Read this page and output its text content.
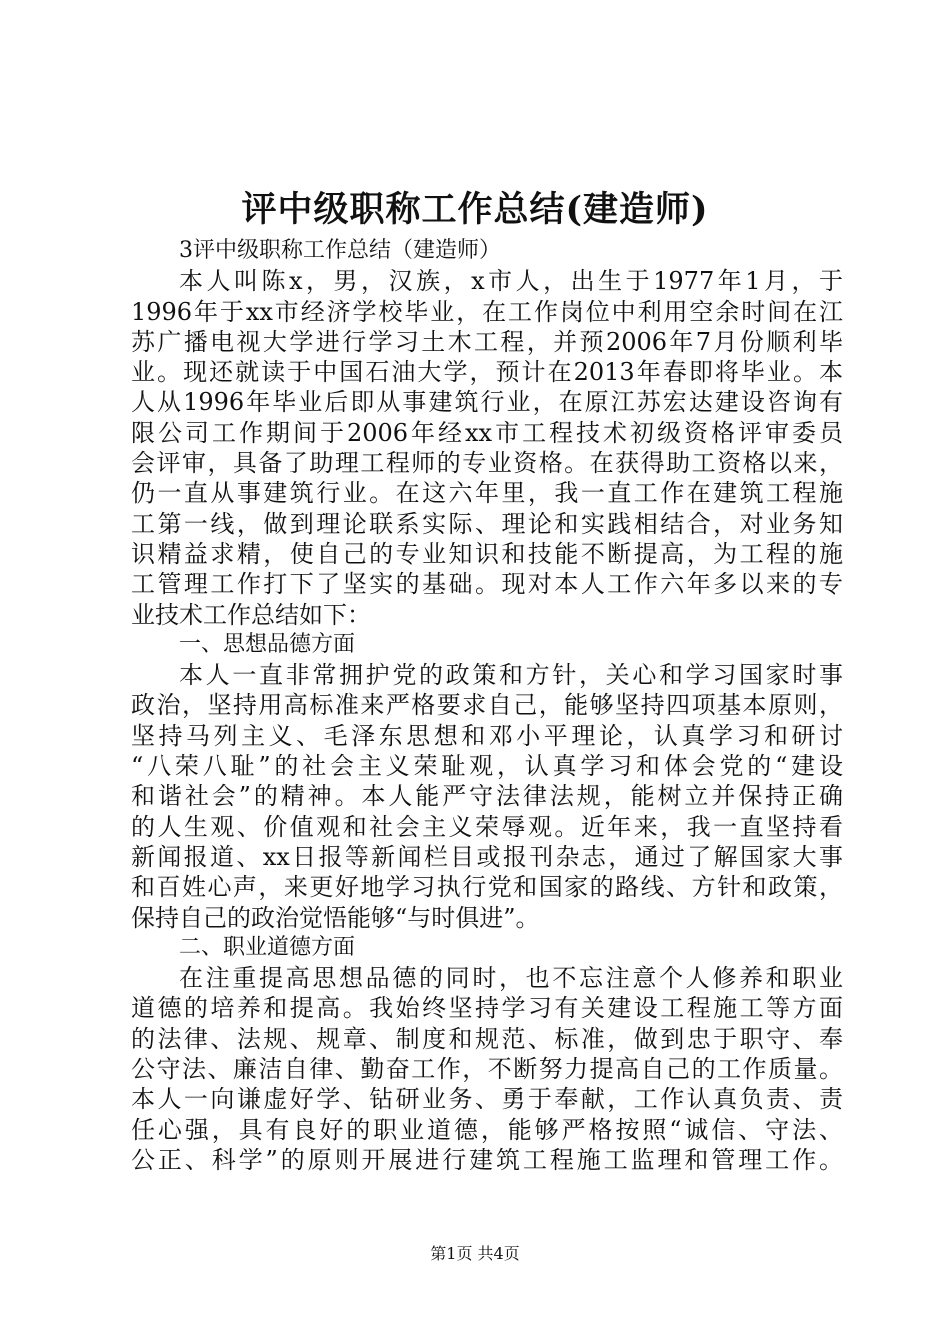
评中级职称工作总结(建造师)
3评中级职称工作总结（建造师）
本人叫陈x，男，汉族，x市人，出生于1977年1月，于
1996年于xx市经济学校毕业，在工作岗位中利用空余时间在江
苏广播电视大学进行学习土木工程，并预2006年7月份顺利毕
业。现还就读于中国石油大学，预计在2013年春即将毕业。本
人从1996年毕业后即从事建筑行业，在原江苏宏达建设咨询有
限公司工作期间于2006年经xx市工程技术初级资格评审委员
会评审，具备了助理工程师的专业资格。在获得助工资格以来，
仍一直从事建筑行业。在这六年里，我一直工作在建筑工程施
工第一线，做到理论联系实际、理论和实践相结合，对业务知
识精益求精，使自己的专业知识和技能不断提高，为工程的施
工管理工作打下了坚实的基础。现对本人工作六年多以来的专
业技术工作总结如下：
一、思想品德方面
本人一直非常拥护党的政策和方针，关心和学习国家时事
政治，坚持用高标准来严格要求自己，能够坚持四项基本原则，
坚持马列主义、毛泽东思想和邓小平理论，认真学习和研讨
“八荣八耻”的社会主义荣耻观，认真学习和体会党的“建设
和谐社会”的精神。本人能严守法律法规，能树立并保持正确
的人生观、价值观和社会主义荣辱观。近年来，我一直坚持看
新闻报道、xx日报等新闻栏目或报刊杂志，通过了解国家大事
和百姓心声，来更好地学习执行党和国家的路线、方针和政策，
保持自己的政治觉悟能够“与时俱进”。
二、职业道德方面
在注重提高思想品德的同时，也不忘注意个人修养和职业
道德的培养和提高。我始终坚持学习有关建设工程施工等方面
的法律、法规、规章、制度和规范、标准，做到忠于职守、奉
公守法、廉洁自律、勤奋工作，不断努力提高自己的工作质量。
本人一向谦虚好学、钻研业务、勇于奉献，工作认真负责、责
任心强，具有良好的职业道德，能够严格按照“诚信、守法、
公正、科学”的原则开展进行建筑工程施工监理和管理工作。
第1页 共4页
